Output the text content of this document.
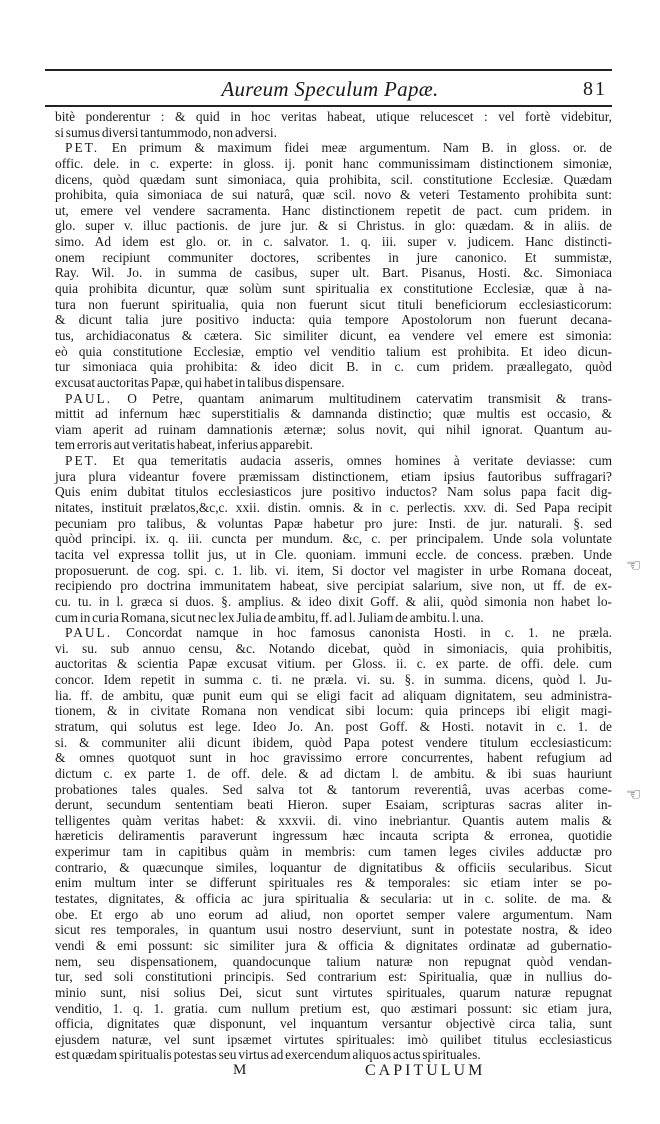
Aureum Speculum Papæ.	81
bitè ponderentur : & quid in hoc veritas habeat, utique relucescet : vel fortè videbitur,
si sumus diversi tantummodo, non adversi.
PET. En primum & maximum fidei meæ argumentum. Nam B. in gloss. or. de
offic. dele. in c. experte: in gloss. ij. ponit hanc communissimam distinctionem simoniæ,
dicens, quòd quædam sunt simoniaca, quia prohibita, scil. constitutione Ecclesiæ. Quædam
prohibita, quia simoniaca de sui naturâ, quæ scil. novo & veteri Testamento prohibita sunt:
ut, emere vel vendere sacramenta. Hanc distinctionem repetit de pact. cum pridem. in
glo. super v. illuc pactionis. de jure jur. & si Christus. in glo: quædam. & in aliis. de
simo. Ad idem est glo. or. in c. salvator. 1. q. iii. super v. judicem. Hanc distincti-
onem recipiunt communiter doctores, scribentes in jure canonico. Et summistæ,
Ray. Wil. Jo. in summa de casibus, super ult. Bart. Pisanus, Hosti. &c. Simoniaca
quia prohibita dicuntur, quæ solùm sunt spiritualia ex constitutione Ecclesiæ, quæ à na-
tura non fuerunt spiritualia, quia non fuerunt sicut tituli beneficiorum ecclesiasticorum:
& dicunt talia jure positivo inducta: quia tempore Apostolorum non fuerunt decana-
tus, archidiaconatus & cætera. Sic similiter dicunt, ea vendere vel emere est simonia:
eò quia constitutione Ecclesiæ, emptio vel venditio talium est prohibita. Et ideo dicun-
tur simoniaca quia prohibita: & ideo dicit B. in c. cum pridem. præallegato, quòd
excusat auctoritas Papæ, qui habet in talibus dispensare.
PAUL. O Petre, quantam animarum multitudinem catervatim transmisit & trans-
mittit ad infernum hæc superstitialis & damnanda distinctio; quæ multis est occasio, &
viam aperit ad ruinam damnationis æternæ; solus novit, qui nihil ignorat. Quantum au-
tem erroris aut veritatis habeat, inferius apparebit.
PET. Et qua temeritatis audacia asseris, omnes homines à veritate deviasse: cum
jura plura videantur fovere præmissam distinctionem, etiam ipsius fautoribus suffragari?
Quis enim dubitat titulos ecclesiasticos jure positivo inductos? Nam solus papa facit dig-
nitates, instituit prælatos,&c,c. xxii. distin. omnis. & in c. perlectis. xxv. di. Sed Papa recipit
pecuniam pro talibus, & voluntas Papæ habetur pro jure: Insti. de jur. naturali. §. sed
quòd principi. ix. q. iii. cuncta per mundum. &c, c. per principalem. Unde sola voluntate
tacita vel expressa tollit jus, ut in Cle. quoniam. immuni eccle. de concess. præben. Unde
proposuerunt. de cog. spi. c. 1. lib. vi. item, Si doctor vel magister in urbe Romana doceat,
recipiendo pro doctrina immunitatem habeat, sive percipiat salarium, sive non, ut ff. de ex-
cu. tu. in l. græca si duos. §. amplius. & ideo dixit Goff. & alii, quòd simonia non habet lo-
cum in curia Romana, sicut nec lex Julia de ambitu, ff. ad l. Juliam de ambitu. l. una.
PAUL. Concordat namque in hoc famosus canonista Hosti. in c. 1. ne præla.
vi. su. sub annuo censu, &c. Notando dicebat, quòd in simoniacis, quia prohibitis,
auctoritas & scientia Papæ excusat vitium. per Gloss. ii. c. ex parte. de offi. dele. cum
concor. Idem repetit in summa c. ti. ne præla. vi. su. §. in summa. dicens, quòd l. Ju-
lia. ff. de ambitu, quæ punit eum qui se eligi facit ad aliquam dignitatem, seu administra-
tionem, & in civitate Romana non vendicat sibi locum: quia princeps ibi eligit magi-
stratum, qui solutus est lege. Ideo Jo. An. post Goff. & Hosti. notavit in c. 1. de
si. & communiter alii dicunt ibidem, quòd Papa potest vendere titulum ecclesiasticum:
& omnes quotquot sunt in hoc gravissimo errore concurrentes, habent refugium ad
dictum c. ex parte 1. de off. dele. & ad dictam l. de ambitu. & ibi suas hauriunt
probationes tales quales. Sed salva tot & tantorum reverentiâ, uvas acerbas come-
derunt, secundum sententiam beati Hieron. super Esaiam, scripturas sacras aliter in-
telligentes quàm veritas habet: & xxxvii. di. vino inebriantur. Quantis autem malis &
hæreticis deliramentis paraverunt ingressum hæc incauta scripta & erronea, quotidie
experimur tam in capitibus quàm in membris: cum tamen leges civiles adductæ pro
contrario, & quæcunque similes, loquantur de dignitatibus & officiis secularibus. Sicut
enim multum inter se differunt spirituales res & temporales: sic etiam inter se po-
testates, dignitates, & officia ac jura spiritualia & secularia: ut in c. solite. de ma. &
obe. Et ergo ab uno eorum ad aliud, non oportet semper valere argumentum. Nam
sicut res temporales, in quantum usui nostro deserviunt, sunt in potestate nostra, & ideo
vendi & emi possunt: sic similiter jura & officia & dignitates ordinatæ ad gubernatio-
nem, seu dispensationem, quandocunque talium naturæ non repugnat quòd vendan-
tur, sed soli constitutioni principis. Sed contrarium est: Spiritualia, quæ in nullius do-
minio sunt, nisi solius Dei, sicut sunt virtutes spirituales, quarum naturæ repugnat
venditio, 1. q. 1. gratia. cum nullum pretium est, quo æstimari possunt: sic etiam jura,
officia, dignitates quæ disponunt, vel inquantum versantur objectivè circa talia, sunt
ejusdem naturæ, vel sunt ipsæmet virtutes spirituales: imò quilibet titulus ecclesiasticus
est quædam spiritualis potestas seu virtus ad exercendum aliquos actus spirituales.
☜
☜
M	CAPITULUM
